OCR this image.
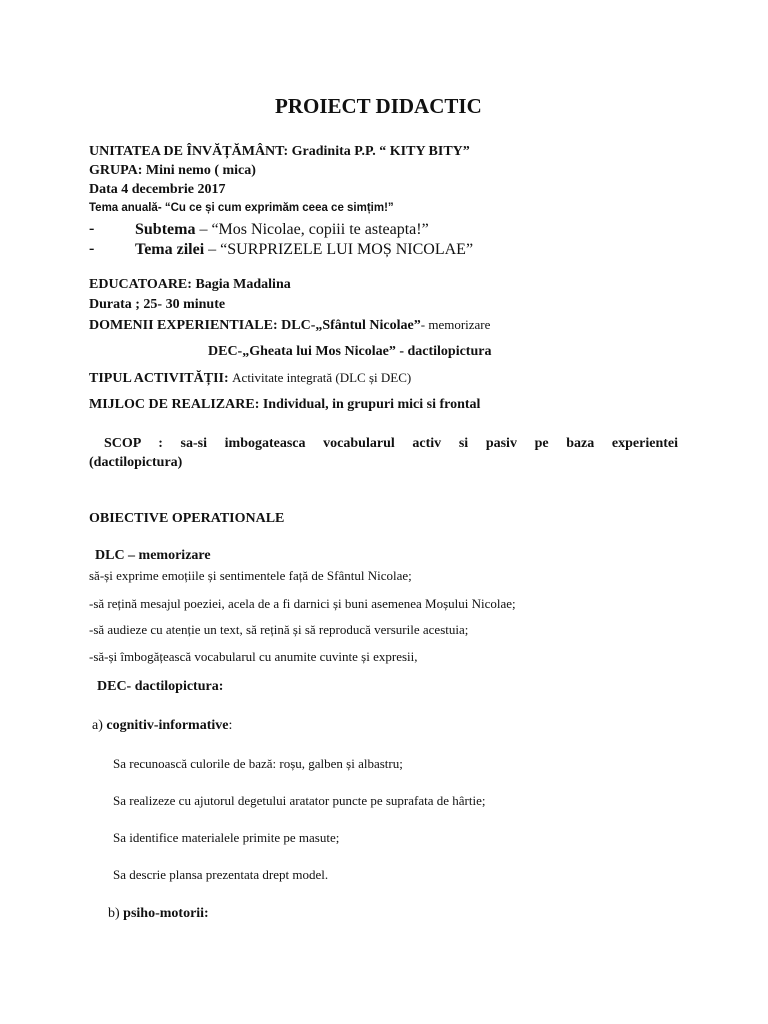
PROIECT DIDACTIC
UNITATEA DE ÎNVĂȚĂMÂNT: Gradinita P.P. “ KITY BITY”
GRUPA: Mini nemo ( mica)
Data 4 decembrie 2017
Tema anuală- “Cu ce și cum exprimăm ceea ce simțim!”
-	Subtema – “Mos Nicolae, copiii te asteapta!”
-	Tema zilei – “SURPRIZELE LUI MOȘ NICOLAE”
EDUCATOARE: Bagia Madalina
Durata ; 25- 30 minute
DOMENII EXPERIENTIALE: DLC-„Sfântul Nicolae”- memorizare
DEC-„Gheata lui Mos Nicolae” - dactilopictura
TIPUL ACTIVITĂȚII: Activitate integrată (DLC și DEC)
MIJLOC DE REALIZARE: Individual, in grupuri mici si frontal
SCOP : sa-si imbogateasca vocabularul activ si pasiv pe baza experientei
(dactilopictura)
OBIECTIVE OPERATIONALE
DLC – memorizare
să-și exprime emoțiile și sentimentele față de Sfântul Nicolae;
-să rețină mesajul poeziei, acela de a fi darnici și buni asemenea Moșului Nicolae;
-să audieze cu atenție un text, să rețină și să reproducă versurile acestuia;
-să-și îmbogățească vocabularul cu anumite cuvinte și expresii,
DEC- dactilopictura:
a) cognitiv-informative:
Sa recunoască culorile de bază: roșu, galben și albastru;
Sa realizeze cu ajutorul degetului aratator puncte pe suprafata de hârtie;
Sa identifice materialele primite pe masute;
Sa descrie plansa prezentata drept model.
b) psiho-motorii:
